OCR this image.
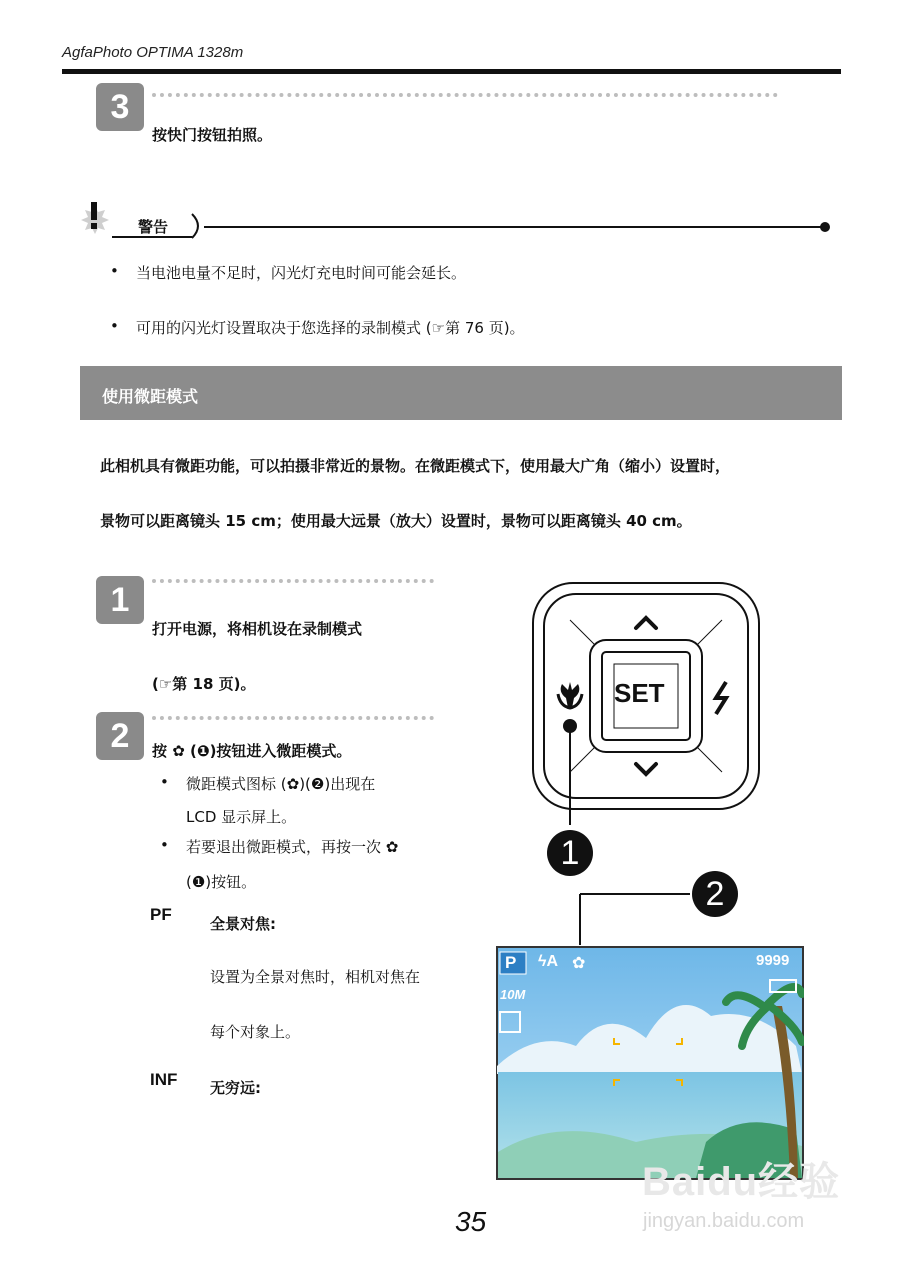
AgfaPhoto OPTIMA 1328m
3
按快门按钮拍照。
警告
• 当电池电量不足时，闪光灯充电时间可能会延长。
• 可用的闪光灯设置取决于您选择的录制模式 (☞第 76 页)。
使用微距模式
此相机具有微距功能，可以拍摄非常近的景物。在微距模式下，使用最大广角（缩小）设置时，
景物可以距离镜头 15 cm；使用最大远景（放大）设置时，景物可以距离镜头 40 cm。
1
打开电源，将相机设在录制模式
(☞第 18 页)。
2	按 ✿ (❶)按钮进入微距模式。
• 微距模式图标 (✿)(❷)出现在
LCD 显示屏上。
• 若要退出微距模式，再按一次 ✿
(❶)按钮。
PF	全景对焦:
设置为全景对焦时，相机对焦在
每个对象上。
INF 无穷远:
SET
1
2
P ϟA ✿	9999
10M
35
Baidu经验
jingyan.baidu.com
